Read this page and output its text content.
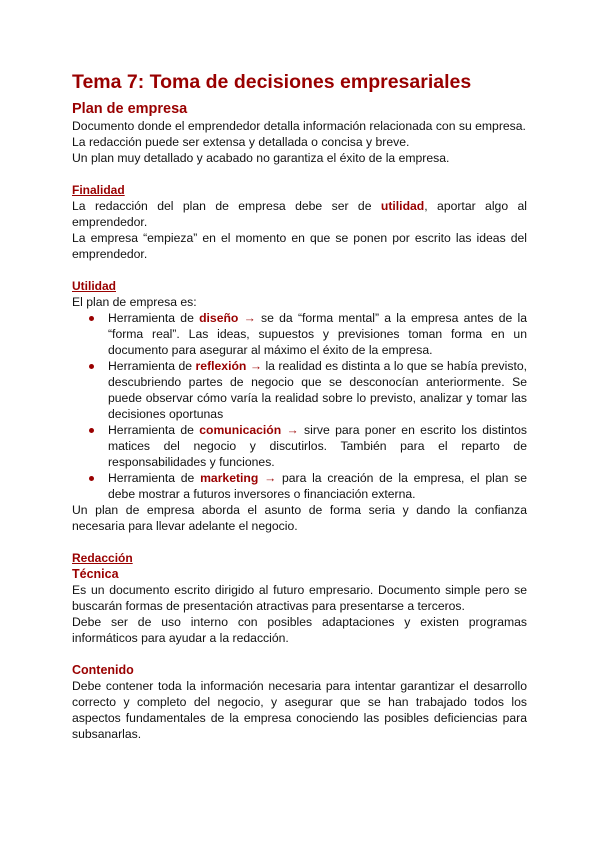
Tema 7: Toma de decisiones empresariales
Plan de empresa

Documento donde el emprendedor detalla información relacionada con su empresa.

La redacción puede ser extensa y detallada o concisa y breve.

Un plan muy detallado y acabado no garantiza el éxito de la empresa.

Finalidad

La redacción del plan de empresa debe ser de utilidad, aportar algo al emprendedor.

La empresa “empieza” en el momento en que se ponen por escrito las ideas del emprendedor.

Utilidad

El plan de empresa es:

Herramienta de diseño → se da “forma mental” a la empresa antes de la “forma real”. Las ideas, supuestos y previsiones toman forma en un documento para asegurar al máximo el éxito de la empresa.
Herramienta de reflexión → la realidad es distinta a lo que se había previsto, descubriendo partes de negocio que se desconocían anteriormente. Se puede observar cómo varía la realidad sobre lo previsto, analizar y tomar las decisiones oportunas
Herramienta de comunicación → sirve para poner en escrito los distintos matices del negocio y discutirlos. También para el reparto de responsabilidades y funciones.
Herramienta de marketing → para la creación de la empresa, el plan se debe mostrar a futuros inversores o financiación externa.

Un plan de empresa aborda el asunto de forma seria y dando la confianza necesaria para llevar adelante el negocio.

Redacción
Técnica

Es un documento escrito dirigido al futuro empresario. Documento simple pero se buscarán formas de presentación atractivas para presentarse a terceros.

Debe ser de uso interno con posibles adaptaciones y existen programas informáticos para ayudar a la redacción.

Contenido

Debe contener toda la información necesaria para intentar garantizar el desarrollo correcto y completo del negocio, y asegurar que se han trabajado todos los aspectos fundamentales de la empresa conociendo las posibles deficiencias para subsanarlas.
